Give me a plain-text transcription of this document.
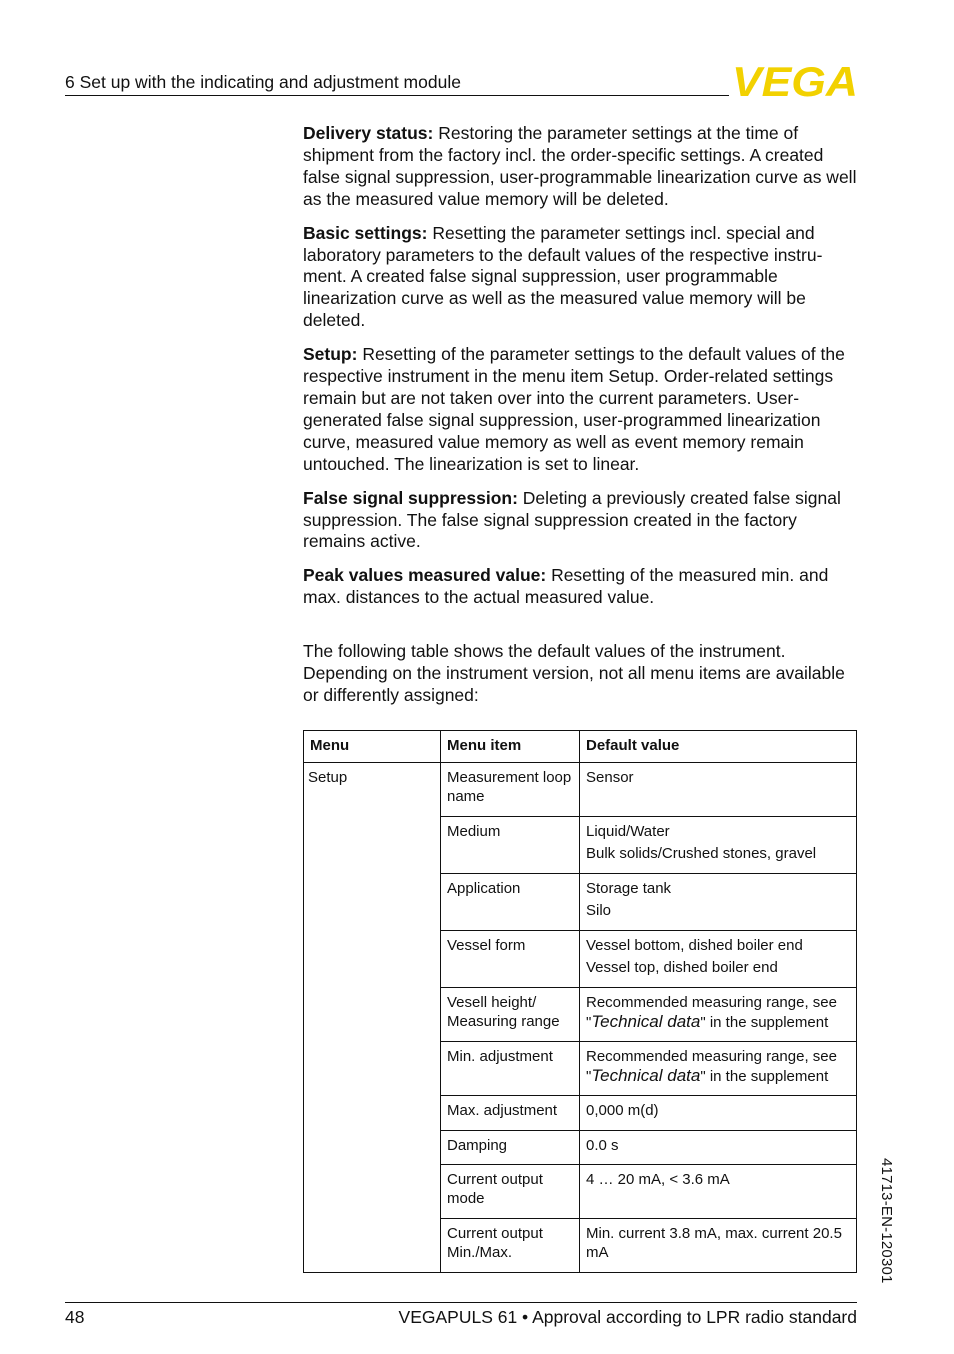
6 Set up with the indicating and adjustment module	VEGA

Delivery status: Restoring the parameter settings at the time of shipment from the factory incl. the order-specific settings. A created false signal suppression, user-programmable linearization curve as well as the measured value memory will be deleted.

Basic settings: Resetting the parameter settings incl. special and laboratory parameters to the default values of the respective instru-ment. A created false signal suppression, user programmable linearization curve as well as the measured value memory will be deleted.

Setup: Resetting of the parameter settings to the default values of the respective instrument in the menu item Setup. Order-related settings remain but are not taken over into the current parameters. User-generated false signal suppression, user-programmed linearization curve, measured value memory as well as event memory remain untouched. The linearization is set to linear.

False signal suppression: Deleting a previously created false signal suppression. The false signal suppression created in the factory remains active.

Peak values measured value: Resetting of the measured min. and max. distances to the actual measured value.

The following table shows the default values of the instrument. Depending on the instrument version, not all menu items are available or differently assigned:

Menu	Menu item	Default value
Setup	Measurement loop name	Sensor

	Medium	Liquid/Water
Bulk solids/Crushed stones, gravel

	Application	Storage tank
Silo

	Vessel form	Vessel bottom, dished boiler end
Vessel top, dished boiler end

	Vesell height/ Measuring range	Recommended measuring range, see "Technical data" in the supplement
	Min. adjustment	Recommended measuring range, see "Technical data" in the supplement
	Max. adjustment	0,000 m(d)

	Damping	0.0 s

	Current output mode	4 … 20 mA, < 3.6 mA

	Current output Min./Max.	Min. current 3.8 mA, max. current 20.5 mA	41713-EN-120301
48	VEGAPULS 61 • Approval according to LPR radio standard
